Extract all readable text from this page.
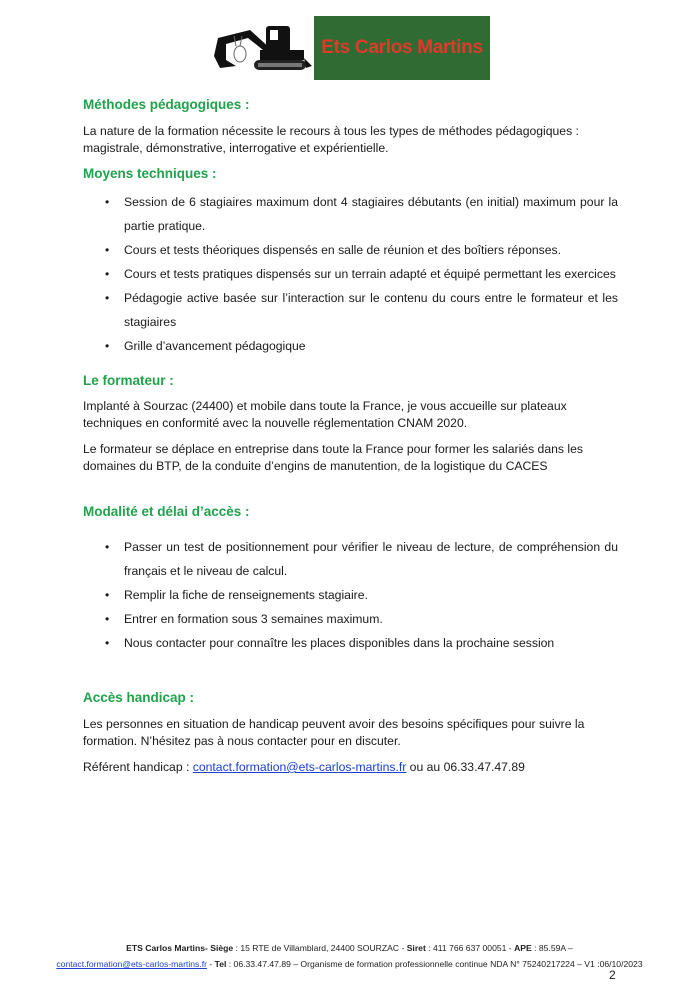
Ets Carlos Martins
Méthodes pédagogiques :

La nature de la formation nécessite le recours à tous les types de méthodes pédagogiques : magistrale, démonstrative, interrogative et expérientielle.

Moyens techniques :
• Session de 6 stagiaires maximum dont 4 stagiaires débutants (en initial) maximum pour la partie pratique.
• Cours et tests théoriques dispensés en salle de réunion et des boîtiers réponses.
• Cours et tests pratiques dispensés sur un terrain adapté et équipé permettant les exercices
• Pédagogie active basée sur l’interaction sur le contenu du cours entre le formateur et les stagiaires
• Grille d’avancement pédagogique
Le formateur :

Implanté à Sourzac (24400) et mobile dans toute la France, je vous accueille sur plateaux techniques en conformité avec la nouvelle réglementation CNAM 2020.

Le formateur se déplace en entreprise dans toute la France pour former les salariés dans les domaines du BTP, de la conduite d’engins de manutention, de la logistique du CACES

Modalité et délai d’accès :
• Passer un test de positionnement pour vérifier le niveau de lecture, de compréhension du français et le niveau de calcul.
• Remplir la fiche de renseignements stagiaire.
• Entrer en formation sous 3 semaines maximum.
• Nous contacter pour connaître les places disponibles dans la prochaine session
Accès handicap :

Les personnes en situation de handicap peuvent avoir des besoins spécifiques pour suivre la formation. N’hésitez pas à nous contacter pour en discuter.

Référent handicap : contact.formation@ets-carlos-martins.fr ou au 06.33.47.47.89

ETS Carlos Martins- Siège : 15 RTE de Villamblard, 24400 SOURZAC - Siret : 411 766 637 00051 - APE : 85.59A –
contact.formation@ets-carlos-martins.fr - Tel : 06.33.47.47.89 – Organisme de formation professionnelle continue NDA N° 75240217224 – V1 :06/10/2023
2
